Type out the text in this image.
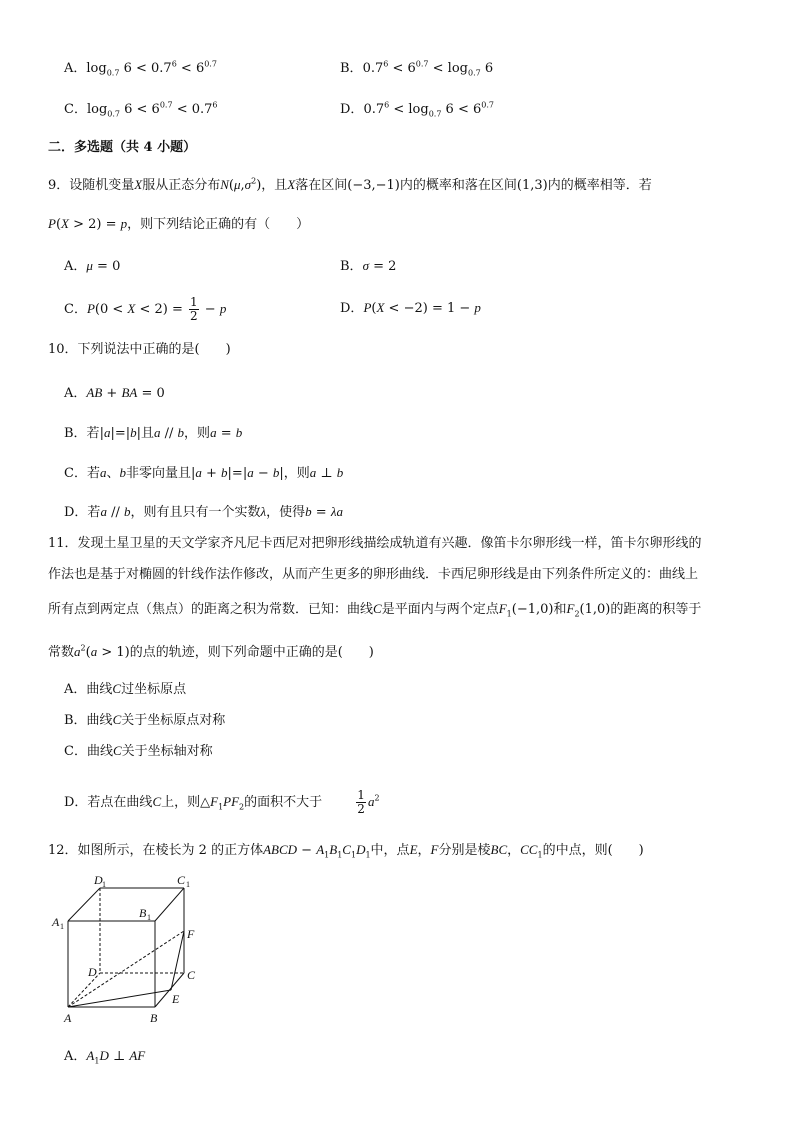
A．$\log_{0.7} 6 < 0.7^6 < 6^{0.7}$	B．$0.7^6 < 6^{0.7} < \log_{0.7} 6$
C．$\log_{0.7} 6 < 6^{0.7} < 0.7^6$	D．$0.7^6 < \log_{0.7} 6 < 6^{0.7}$
二．多选题（共 4 小题）
9．设随机变量X服从正态分布$N(\mu,\sigma^2)$，且X落在区间(−3,−1)内的概率和落在区间(1,3)内的概率相等．若
P(X > 2) = p，则下列结论正确的有（　　）
A．μ = 0	B．σ = 2
C．$P(0 < X < 2) = \frac{1}{2} - p$	D．P(X < −2) = 1 − p
10．下列说法中正确的是(　　)
A．AB + BA = 0
B．若|a|=|b|且a // b，则a = b
C．若a、b非零向量且|a + b|=|a − b|，则a ⊥ b
D．若a // b，则有且只有一个实数λ，使得b = λa
11．发现土星卫星的天文学家齐凡尼卡西尼对把卵形线描绘成轨道有兴趣．像笛卡尔卵形线一样，笛卡尔卵形线的
作法也是基于对椭圆的针线作法作修改，从而产生更多的卵形曲线．卡西尼卵形线是由下列条件所定义的：曲线上
所有点到两定点（焦点）的距离之积为常数．已知：曲线C是平面内与两个定点$F_1(-1,0)$和$F_2(1,0)$的距离的积等于
常数$a^2(a > 1)$的点的轨迹，则下列命题中正确的是(　　)
A．曲线C过坐标原点
B．曲线C关于坐标原点对称
C．曲线C关于坐标轴对称
D．若点在曲线C上，则$\triangle F_1PF_2$的面积不大于	$\frac{1}{2} a^2$
12．如图所示，在棱长为 2 的正方体ABCD − $A_1B_1C_1D_1$中，点E，F分别是棱BC，$CC_1$的中点，则(　　)
D 1	C 1
A 1
B 1
D	C
A	B
E
F
A．$A_1D$ ⊥ AF
